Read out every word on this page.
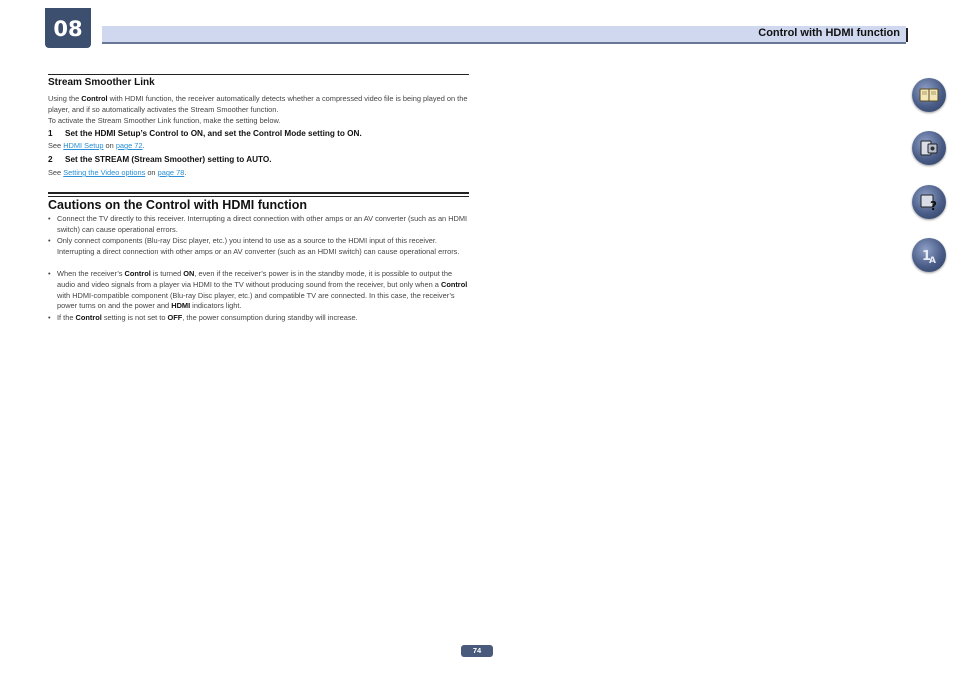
08	Control with HDMI function
Stream Smoother Link
Using the Control with HDMI function, the receiver automatically detects whether a compressed video file is being played on the player, and if so automatically activates the Stream Smoother function.
To activate the Stream Smoother Link function, make the setting below.
1 Set the HDMI Setup’s Control to ON, and set the Control Mode setting to ON.
See HDMI Setup on page 72.
2 Set the STREAM (Stream Smoother) setting to AUTO.
See Setting the Video options on page 78.
Cautions on the Control with HDMI function
• Connect the TV directly to this receiver. Interrupting a direct connection with other amps or an AV converter (such as an HDMI switch) can cause operational errors.
• Only connect components (Blu-ray Disc player, etc.) you intend to use as a source to the HDMI input of this receiver. Interrupting a direct connection with other amps or an AV converter (such as an HDMI switch) can cause operational errors.
• When the receiver’s Control is turned ON, even if the receiver’s power is in the standby mode, it is possible to output the audio and video signals from a player via HDMI to the TV without producing sound from the receiver, but only when a Control with HDMI-compatible component (Blu-ray Disc player, etc.) and compatible TV are connected. In this case, the receiver’s power turns on and the power and HDMI indicators light.
• If the Control setting is not set to OFF, the power consumption during standby will increase.
?
1
A
74
